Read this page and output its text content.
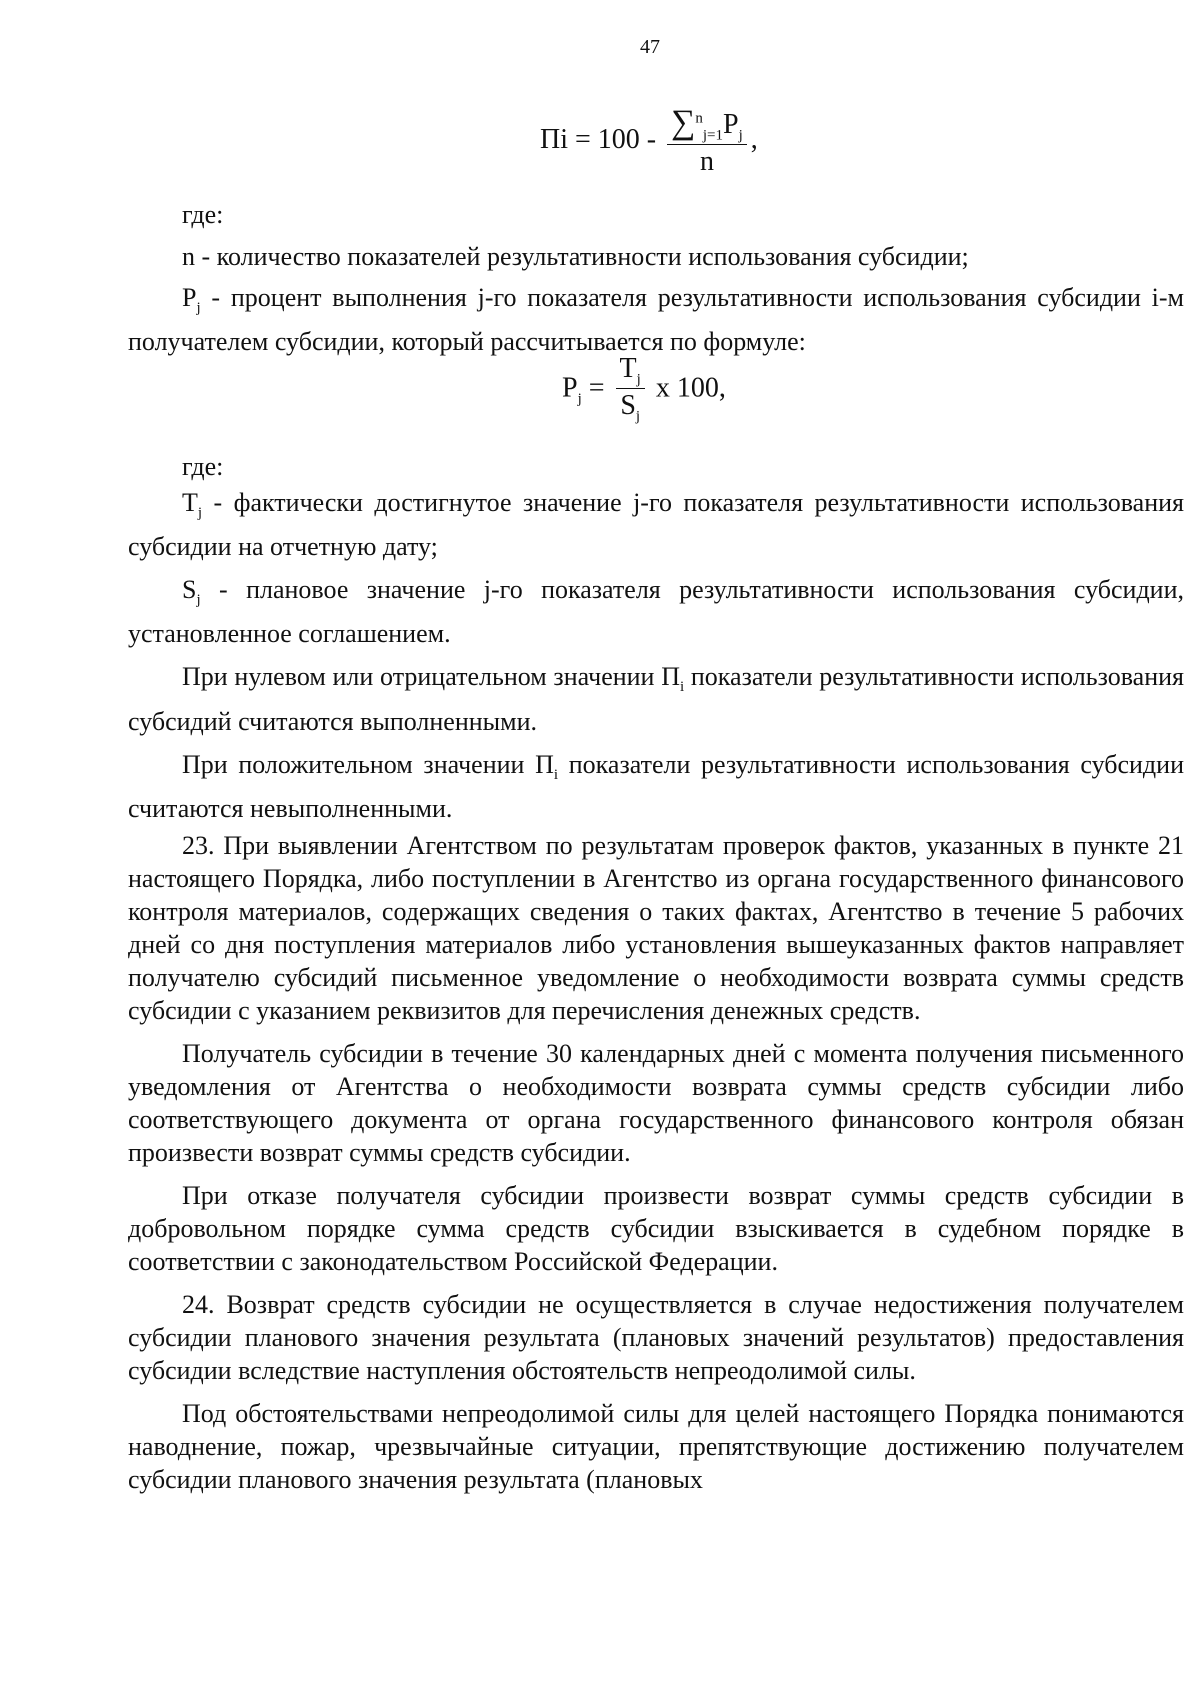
47
Пi = $100 - \frac{\sum^n_{j=1}P_j}{n}$ ,
где:

n - количество показателей результативности использования субсидии;

$P_j$ - процент выполнения j-го показателя результативности использования субсидии i-м получателем субсидии, который рассчитывается по формуле:

$P_j = \frac{T_j}{S_j}$ x 100,
где:

$T_j$ - фактически достигнутое значение j-го показателя результативности использования субсидии на отчетную дату;

$S_j$ - плановое значение j-го показателя результативности использования субсидии, установленное соглашением.

При нулевом или отрицательном значении $П_i$ показатели результативности использования субсидий считаются выполненными.

При положительном значении $П_i$ показатели результативности использования субсидии считаются невыполненными.

23. При выявлении Агентством по результатам проверок фактов, указанных в пункте 21 настоящего Порядка, либо поступлении в Агентство из органа государственного финансового контроля материалов, содержащих сведения о таких фактах, Агентство в течение 5 рабочих дней со дня поступления материалов либо установления вышеуказанных фактов направляет получателю субсидий письменное уведомление о необходимости возврата суммы средств субсидии с указанием реквизитов для перечисления денежных средств.

Получатель субсидии в течение 30 календарных дней с момента получения письменного уведомления от Агентства о необходимости возврата суммы средств субсидии либо соответствующего документа от органа государственного финансового контроля обязан произвести возврат суммы средств субсидии.

При отказе получателя субсидии произвести возврат суммы средств субсидии в добровольном порядке сумма средств субсидии взыскивается в судебном порядке в соответствии с законодательством Российской Федерации.

24. Возврат средств субсидии не осуществляется в случае недостижения получателем субсидии планового значения результата (плановых значений результатов) предоставления субсидии вследствие наступления обстоятельств непреодолимой силы.

Под обстоятельствами непреодолимой силы для целей настоящего Порядка понимаются наводнение, пожар, чрезвычайные ситуации, препятствующие достижению получателем субсидии планового значения результата (плановых
